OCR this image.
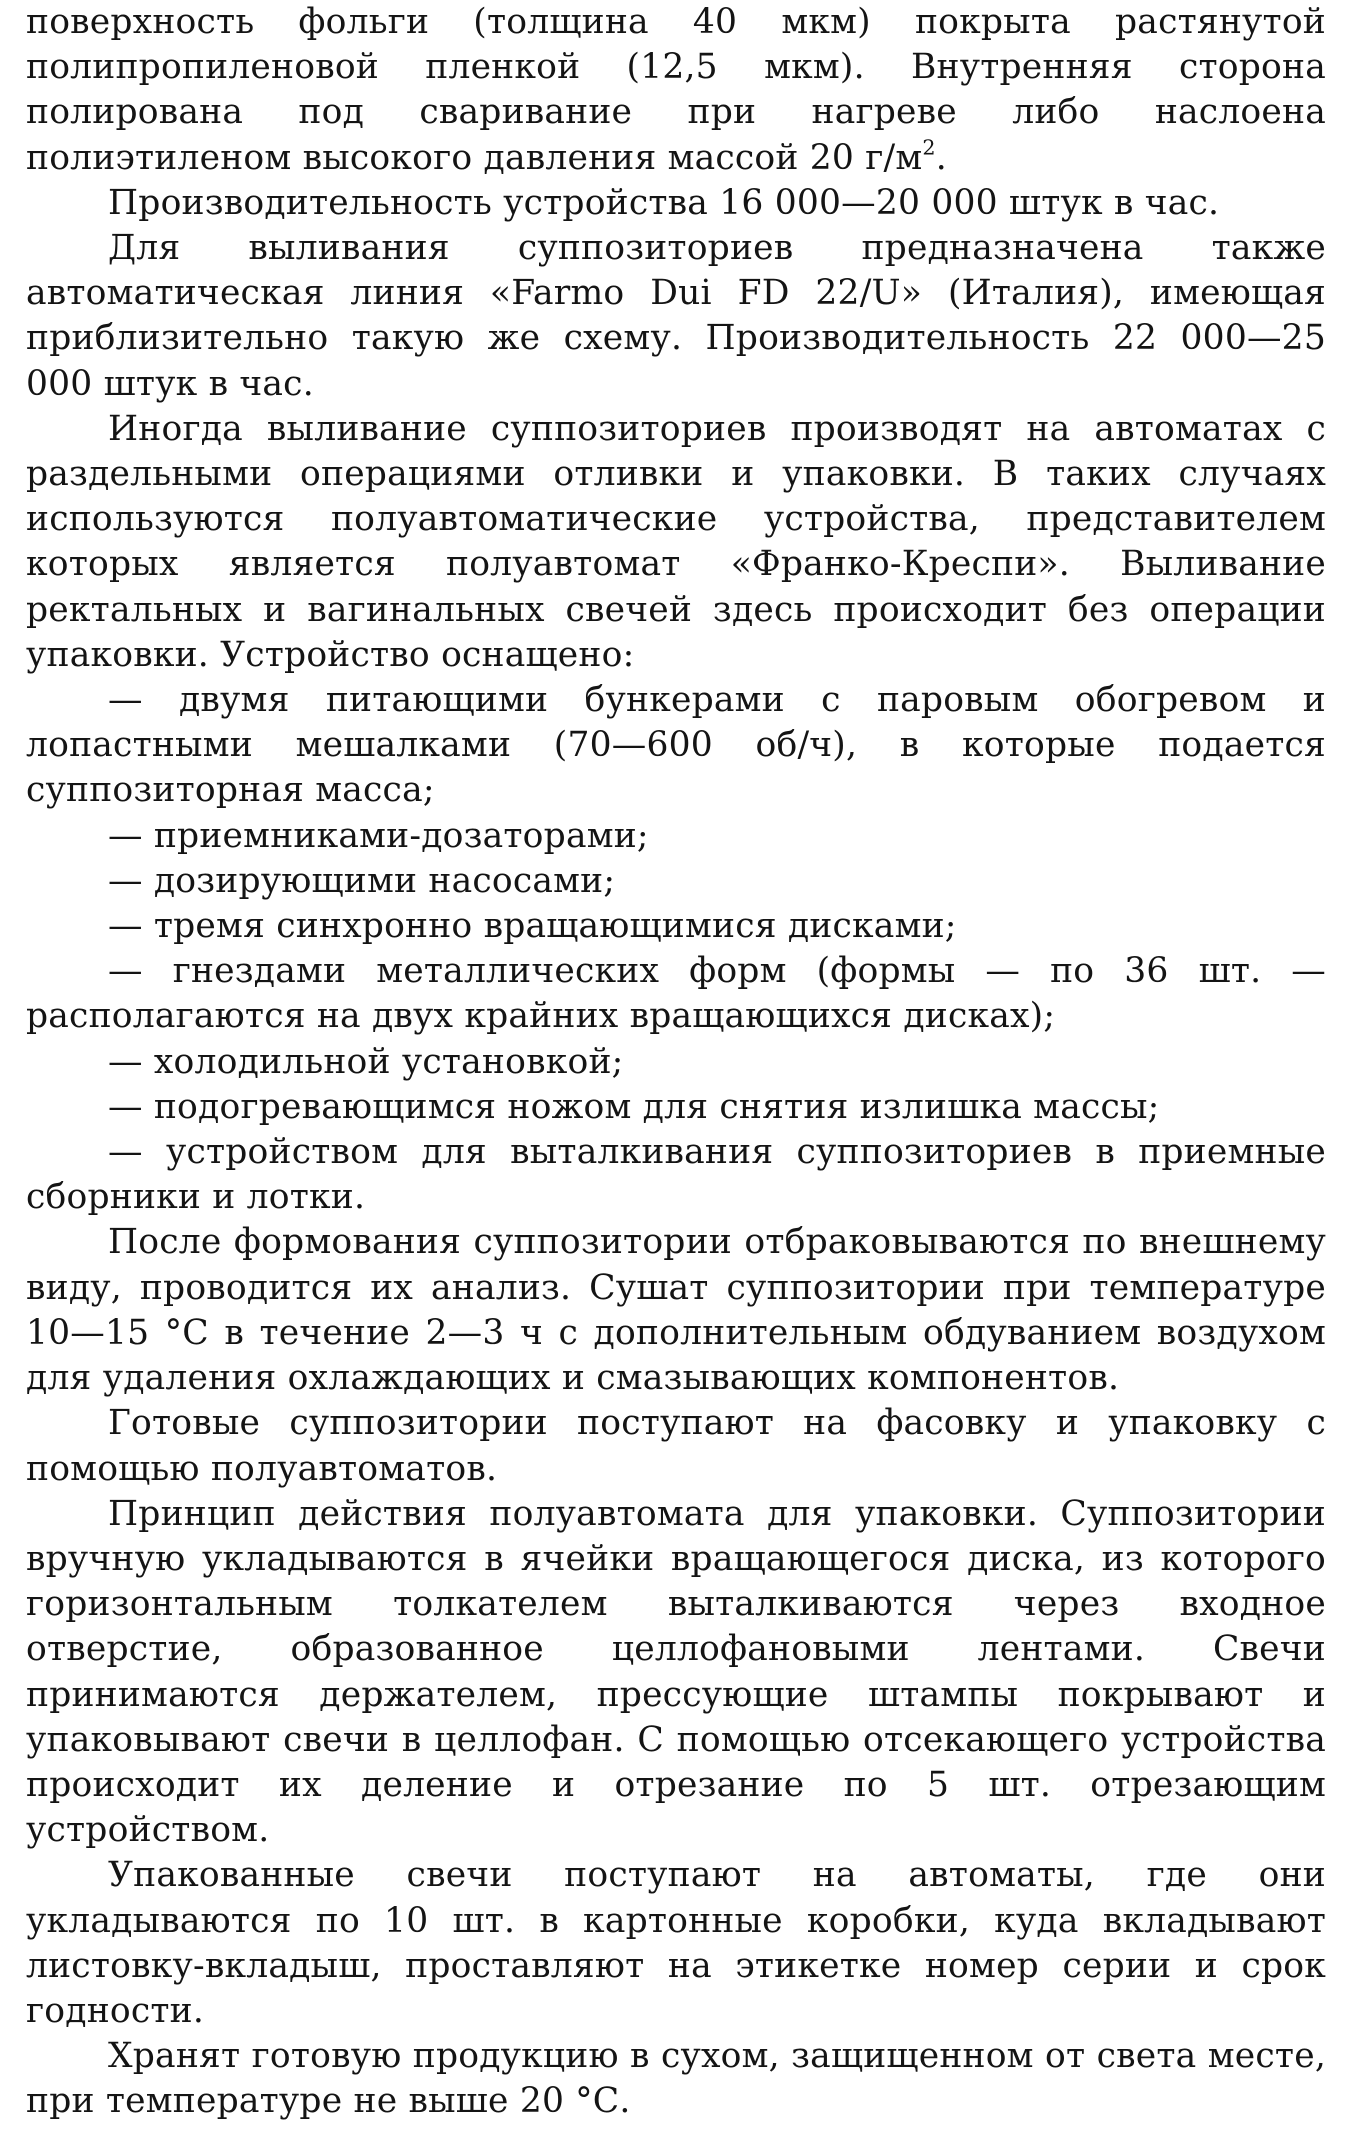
поверхность фольги (толщина 40 мкм) покрыта растянутой полипропиленовой пленкой (12,5 мкм). Внутренняя сторона полирована под сваривание при нагреве либо наслоена полиэтиленом высокого давления массой 20 $г/м^2$.

Производительность устройства 16 000—20 000 штук в час.

Для выливания суппозиториев предназначена также автоматическая линия «Farmo Dui FD 22/U» (Италия), имеющая приблизительно такую же схему. Производительность 22 000—25 000 штук в час.

Иногда выливание суппозиториев производят на автоматах с раздельными операциями отливки и упаковки. В таких случаях используются полуавтоматические устройства, представителем которых является полуавтомат «Франко-Креспи». Выливание ректальных и вагинальных свечей здесь происходит без операции упаковки. Устройство оснащено:

— двумя питающими бункерами с паровым обогревом и лопастными мешалками (70—600 об/ч), в которые подается суппозиторная масса;

— приемниками-дозаторами;

— дозирующими насосами;

— тремя синхронно вращающимися дисками;

— гнездами металлических форм (формы — по 36 шт. — располагаются на двух крайних вращающихся дисках);

— холодильной установкой;

— подогревающимся ножом для снятия излишка массы;

— устройством для выталкивания суппозиториев в приемные сборники и лотки.

После формования суппозитории отбраковываются по внешнему виду, проводится их анализ. Сушат суппозитории при температуре 10—15 °С в течение 2—3 ч с дополнительным обдуванием воздухом для удаления охлаждающих и смазывающих компонентов.

Готовые суппозитории поступают на фасовку и упаковку с помощью полуавтоматов.

Принцип действия полуавтомата для упаковки. Суппозитории вручную укладываются в ячейки вращающегося диска, из которого горизонтальным толкателем выталкиваются через входное отверстие, образованное целлофановыми лентами. Свечи принимаются держателем, прессующие штампы покрывают и упаковывают свечи в целлофан. С помощью отсекающего устройства происходит их деление и отрезание по 5 шт. отрезающим устройством.

Упакованные свечи поступают на автоматы, где они укладываются по 10 шт. в картонные коробки, куда вкладывают листовку-вкладыш, проставляют на этикетке номер серии и срок годности.

Хранят готовую продукцию в сухом, защищенном от света месте, при температуре не выше 20 °С.
